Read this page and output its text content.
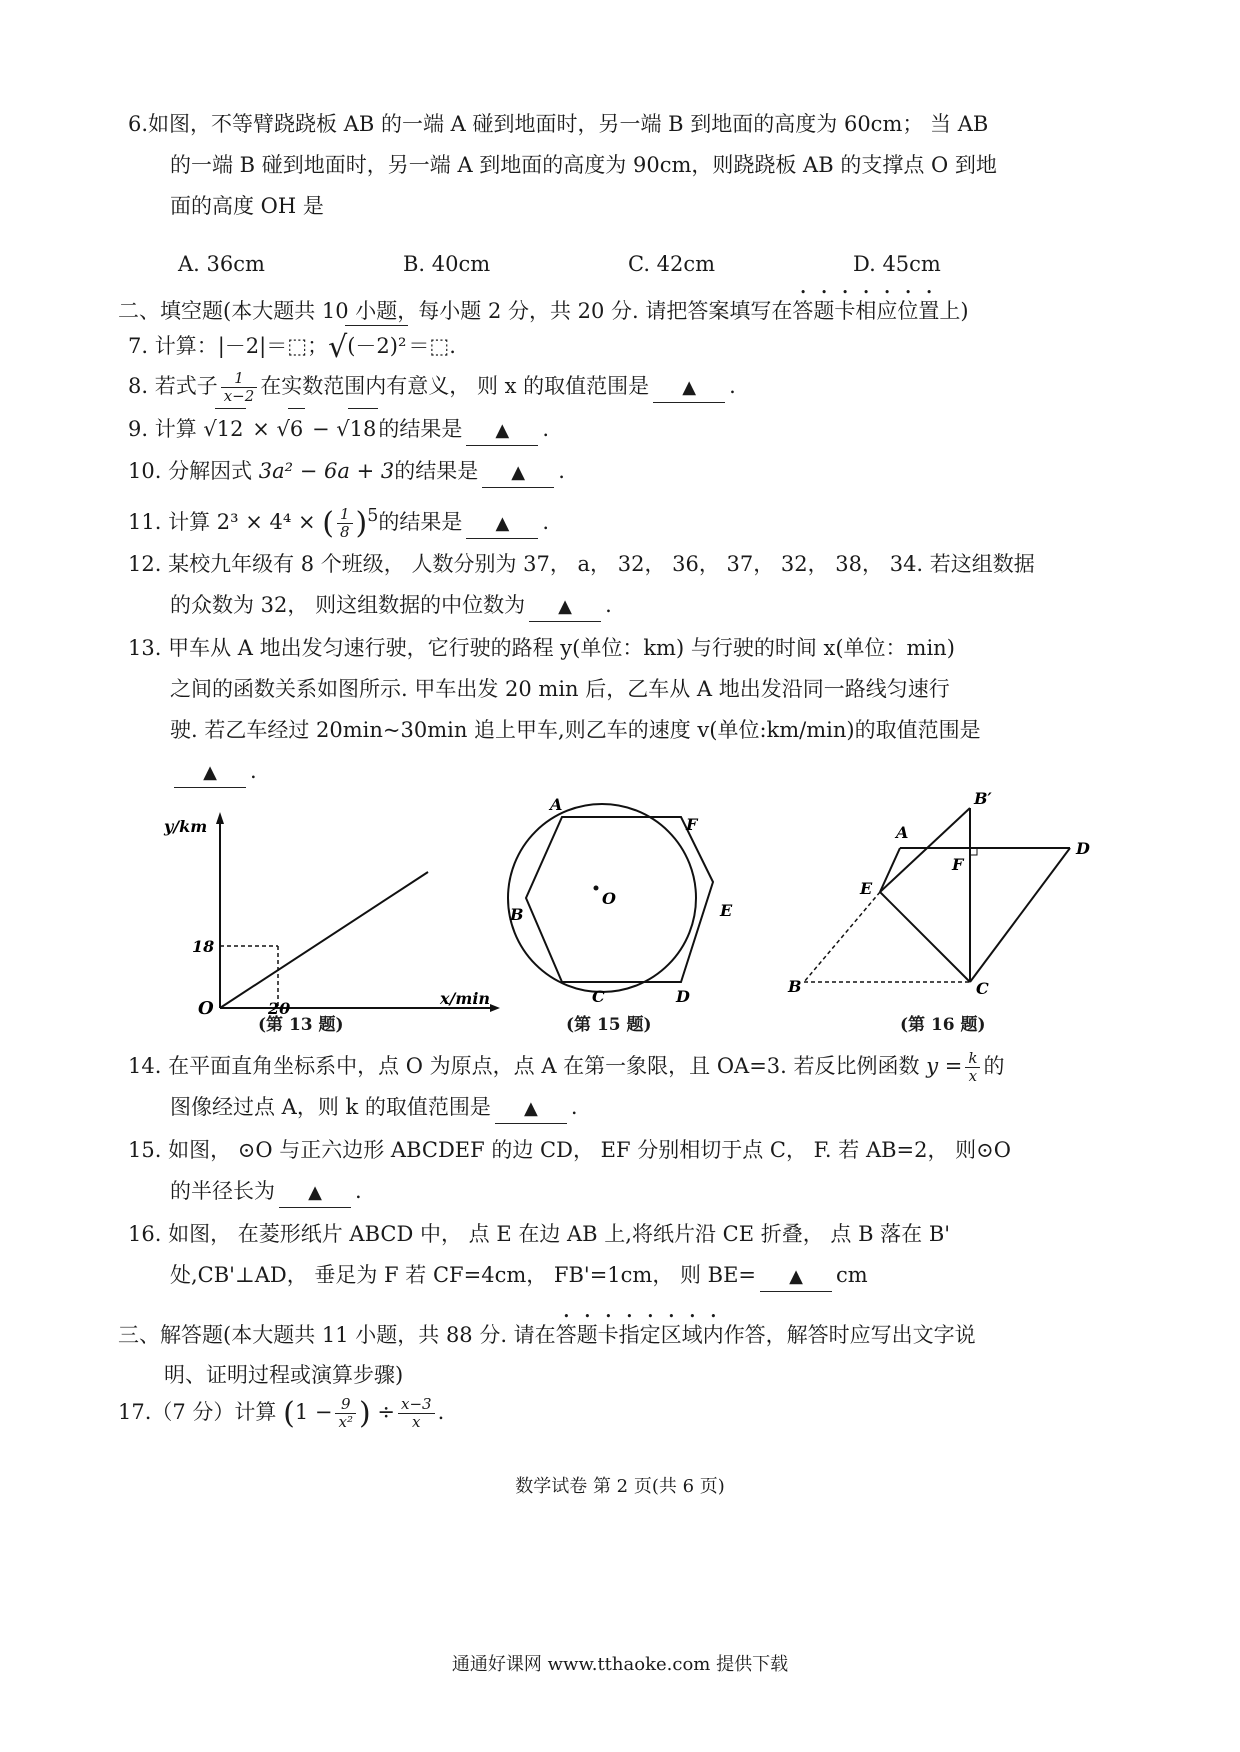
6.如图，不等臂跷跷板 AB 的一端 A 碰到地面时，另一端 B 到地面的高度为 60cm； 当 AB
的一端 B 碰到地面时，另一端 A 到地面的高度为 90cm，则跷跷板 AB 的支撑点 O 到地
面的高度 OH 是
A. 36cm	B. 40cm	C. 42cm	D. 45cm
二、填空题(本大题共 10 小题，每小题 2 分，共 20 分. 请把答案填写在答题卡相应位置上)
7. 计算：|－2|＝⬚；√(－2)²＝⬚.
8. 若式子 $\frac{1}{x-2}$ 在实数范围内有意义， 则 x 的取值范围是 ▲ .
9. 计算 √12 × √6 − √18的结果是 ▲ .
10. 分解因式 3a² − 6a + 3的结果是 ▲ .
11. 计算 2³ × 4⁴ × ( $\frac{1}{8} )^5$的结果是 ▲ .
12. 某校九年级有 8 个班级， 人数分别为 37， a， 32， 36， 37， 32， 38， 34. 若这组数据
的众数为 32， 则这组数据的中位数为 ▲ .
13. 甲车从 A 地出发匀速行驶，它行驶的路程 y(单位：km) 与行驶的时间 x(单位：min)
之间的函数关系如图所示. 甲车出发 20 min 后，乙车从 A 地出发沿同一路线匀速行
驶. 若乙车经过 20min~30min 追上甲车,则乙车的速度 v(单位:km/min)的取值范围是
▲ .
y/km
x/min
O
18
20
(第 13 题)
A
F
B
O
E
C	D
(第 15 题)
B′
A
F
D
E
B	C
(第 16 题)
14. 在平面直角坐标系中，点 O 为原点，点 A 在第一象限，且 OA=3. 若反比例函数 $y = \frac{k}{x}$ 的
图像经过点 A，则 k 的取值范围是 ▲ .
15. 如图， ⊙O 与正六边形 ABCDEF 的边 CD， EF 分别相切于点 C， F. 若 AB=2， 则⊙O
的半径长为 ▲ .
16. 如图， 在菱形纸片 ABCD 中， 点 E 在边 AB 上,将纸片沿 CE 折叠， 点 B 落在 B'
处,CB'⊥AD， 垂足为 F 若 CF=4cm， FB'=1cm， 则 BE= ▲ cm
三、解答题(本大题共 11 小题，共 88 分. 请在答题卡指定区域内作答，解答时应写出文字说
明、证明过程或演算步骤)
17.（7 分）计算 ($1 - \frac{9}{\text{x²}}$ ) ÷ $\frac{x-3}{x}$ .
数学试卷 第 2 页(共 6 页)
通通好课网 www.tthaoke.com 提供下载
